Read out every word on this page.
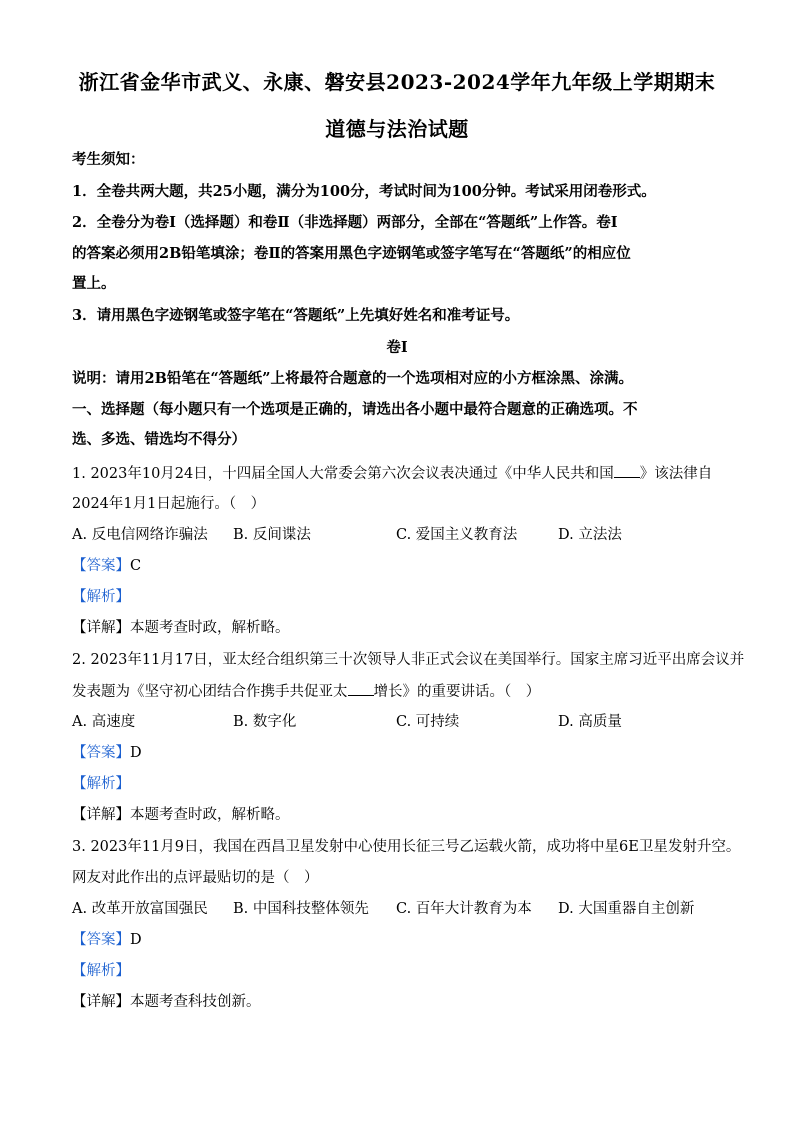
浙江省金华市武义、永康、磐安县2023-2024学年九年级上学期期末
道德与法治试题
考生须知：
1．全卷共两大题，共25小题，满分为100分，考试时间为100分钟。考试采用闭卷形式。
2．全卷分为卷Ⅰ（选择题）和卷Ⅱ（非选择题）两部分，全部在“答题纸”上作答。卷Ⅰ
的答案必须用2B铅笔填涂；卷Ⅱ的答案用黑色字迹钢笔或签字笔写在“答题纸”的相应位
置上。
3．请用黑色字迹钢笔或签字笔在“答题纸”上先填好姓名和准考证号。
卷Ⅰ
说明：请用2B铅笔在“答题纸”上将最符合题意的一个选项相对应的小方框涂黑、涂满。
一、选择题（每小题只有一个选项是正确的，请选出各小题中最符合题意的正确选项。不
选、多选、错选均不得分）
1. 2023年10月24日，十四届全国人大常委会第六次会议表决通过《中华人民共和国 》该法律自
2024年1月1日起施行。（　）
A. 反电信网络诈骗法 B. 反间谍法	C. 爱国主义教育法	D. 立法法
【答案】C
【解析】
【详解】本题考查时政，解析略。
2. 2023年11月17日，亚太经合组织第三十次领导人非正式会议在美国举行。国家主席习近平出席会议并
发表题为《坚守初心团结合作携手共促亚太 增长》的重要讲话。（　）
A. 高速度	B. 数字化	C. 可持续	D. 高质量
【答案】D
【解析】
【详解】本题考查时政，解析略。
3. 2023年11月9日，我国在西昌卫星发射中心使用长征三号乙运载火箭，成功将中星6E卫星发射升空。
网友对此作出的点评最贴切的是（　）
A. 改革开放富国强民 B. 中国科技整体领先 C. 百年大计教育为本 D. 大国重器自主创新
【答案】D
【解析】
【详解】本题考查科技创新。
